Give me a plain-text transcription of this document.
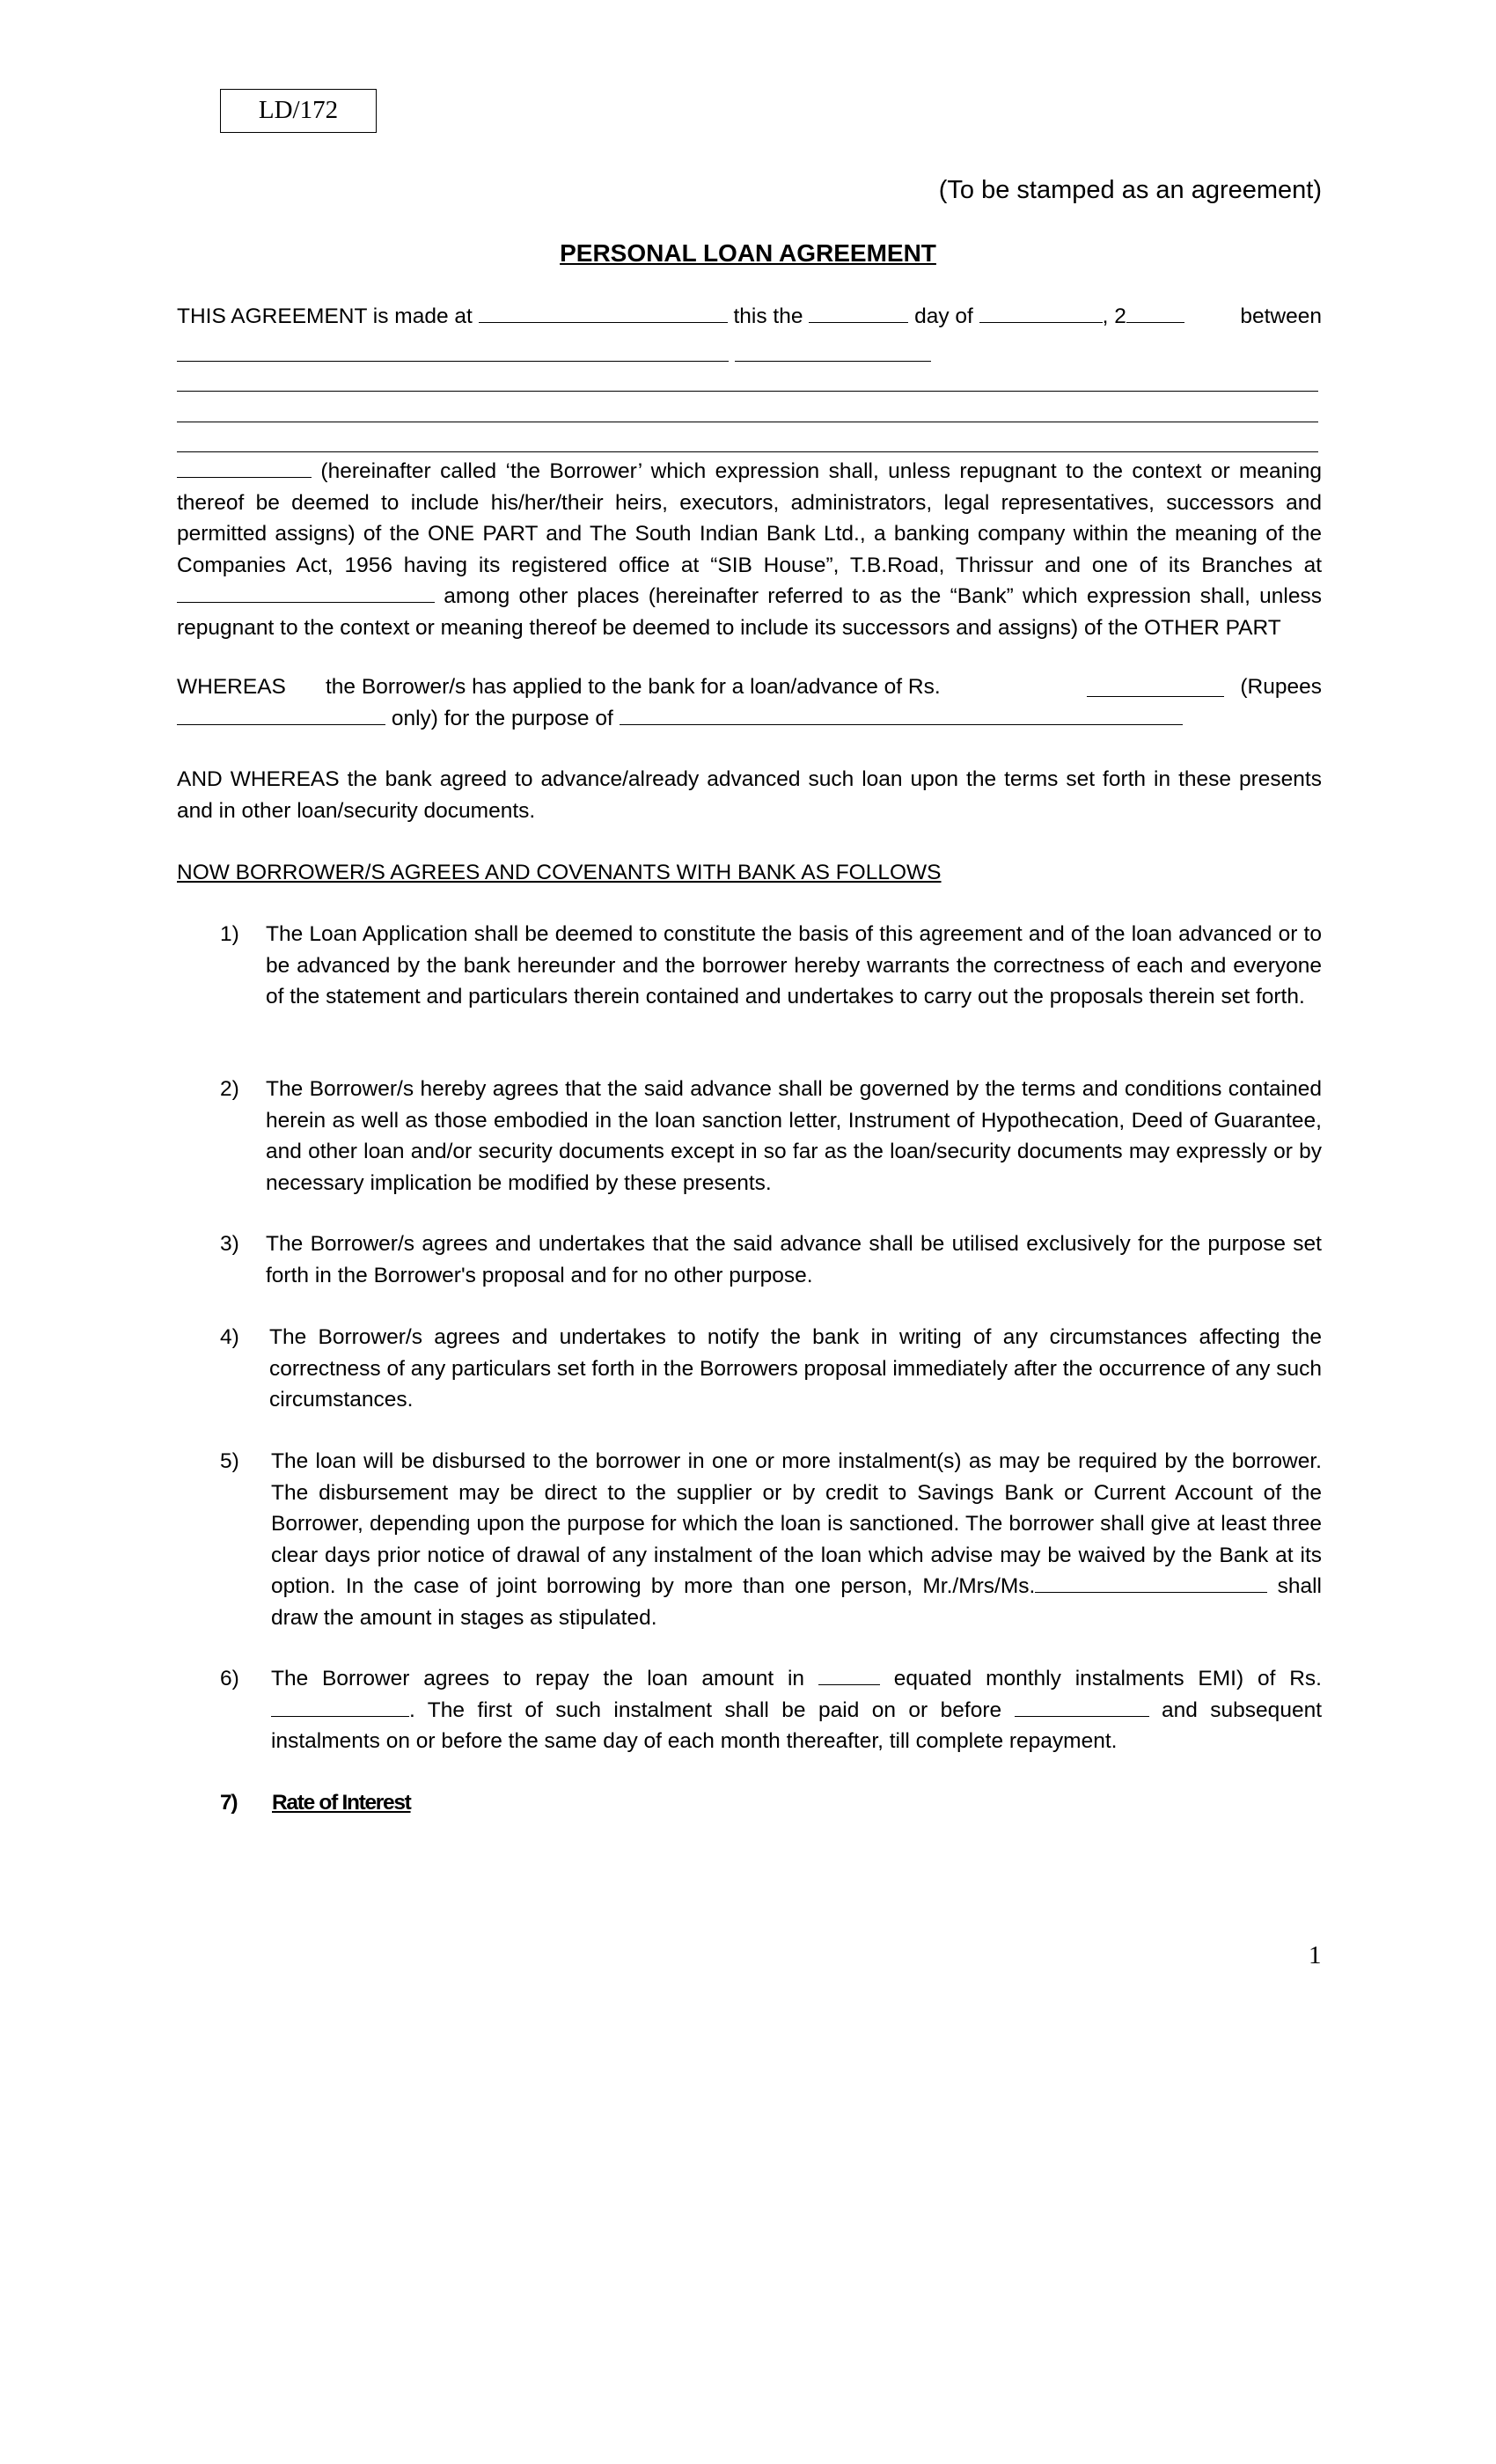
LD/172
(To be stamped as an agreement)
PERSONAL LOAN AGREEMENT
THIS AGREEMENT is made at	this the	day of	, 2	between
(hereinafter called ‘the Borrower’ which expression shall, unless repugnant to the context or meaning thereof be deemed to include his/her/their heirs, executors, administrators, legal representatives, successors and permitted assigns) of the ONE PART and The South Indian Bank Ltd., a banking company within the meaning of the Companies Act, 1956 having its registered office at “SIB House”, T.B.Road, Thrissur and one of its Branches at  among other places (hereinafter referred to as the “Bank” which expression shall, unless repugnant to the context or meaning thereof be deemed to include its successors and assigns) of the OTHER PART
WHEREAS the Borrower/s has applied to the bank for a loan/advance of Rs.	(Rupees
only) for the purpose of
AND WHEREAS the bank agreed to advance/already advanced such loan upon the terms set forth in these presents and in other loan/security documents.
NOW BORROWER/S AGREES AND COVENANTS WITH BANK AS FOLLOWS
1)	The Loan Application shall be deemed to constitute the basis of this agreement and of the loan advanced or to be advanced by the bank hereunder and the borrower hereby warrants the correctness of each and everyone of the statement and particulars therein contained and undertakes to carry out the proposals therein set forth.
2)	The Borrower/s hereby agrees that the said advance shall be governed by the terms and conditions contained herein as well as those embodied in the loan sanction letter, Instrument of Hypothecation, Deed of Guarantee, and other loan and/or security documents except in so far as the loan/security documents may expressly or by necessary implication be modified by these presents.
3)	The Borrower/s agrees and undertakes that the said advance shall be utilised exclusively for the purpose set forth in the Borrower's proposal and for no other purpose.
4)	The Borrower/s agrees and undertakes to notify the bank in writing of any circumstances affecting the correctness of any particulars set forth in the Borrowers proposal immediately after the occurrence of any such circumstances.
5)	The loan will be disbursed to the borrower in one or more instalment(s) as may be required by the borrower. The disbursement may be direct to the supplier or by credit to Savings Bank or Current Account of the Borrower, depending upon the purpose for which the loan is sanctioned. The borrower shall give at least three clear days prior notice of drawal of any instalment of the loan which advise may be waived by the Bank at its option. In the case of joint borrowing by more than one person, Mr./Mrs/Ms.	shall draw the amount in stages as stipulated.
6)	The Borrower agrees to repay the loan amount in	equated monthly instalments EMI) of Rs.. The first of such instalment shall be paid on or before	and subsequent instalments on or before the same day of each month thereafter, till complete repayment.
7)	Rate of Interest
1
